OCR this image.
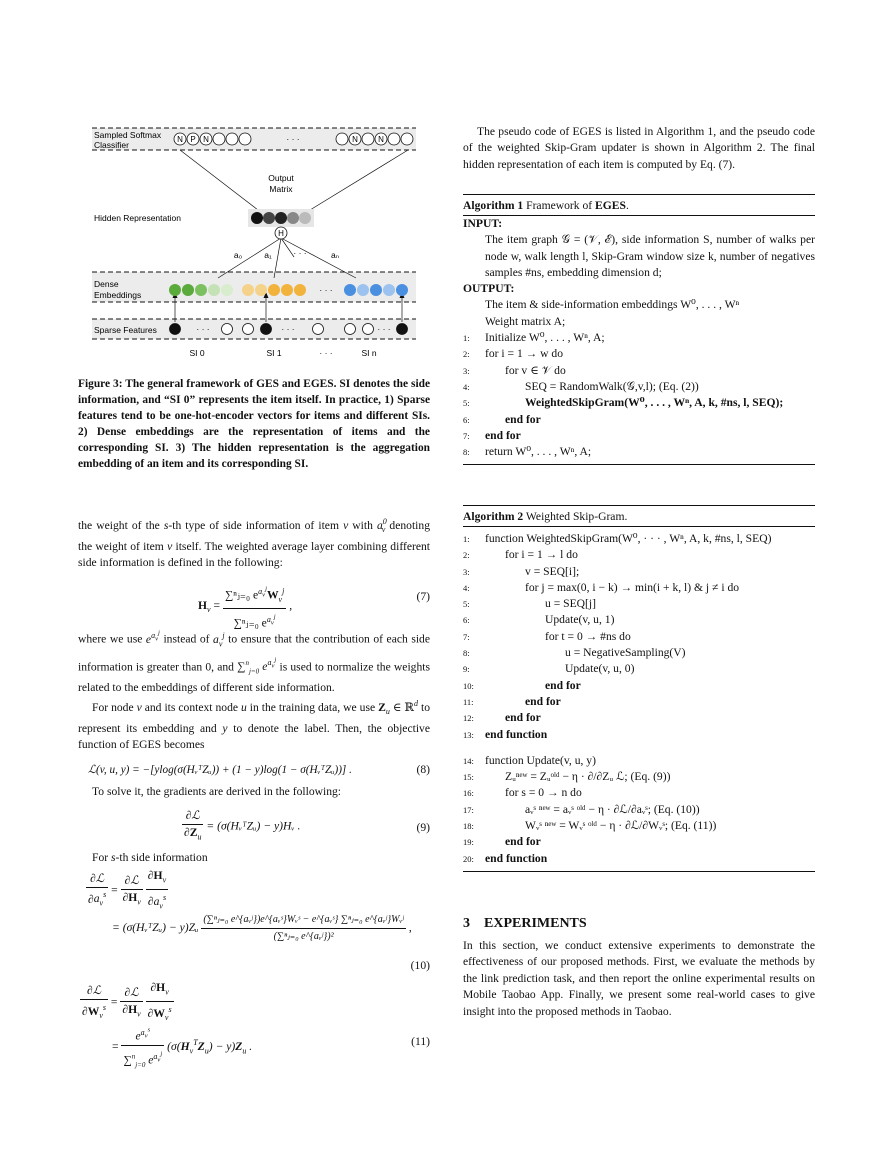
Sampled Softmax
Classifier
Output
Matrix
Hidden Representation
Dense
Embeddings
Sparse Features
SI 0	SI 1	SI n
· · ·
a₀	a₁	aₙ
· · ·
N P N	N	N
· · ·
H
· · ·
· · ·	· · ·	· · ·

Figure 3: The general framework of GES and EGES. SI denotes the side information, and “SI 0” represents the item itself. In practice, 1) Sparse features tend to be one-hot-encoder vectors for items and different SIs. 2) Dense embeddings are the representation of items and the corresponding SI. 3) The hidden representation is the aggregation embedding of an item and its corresponding SI.

the weight of the s-th type of side information of item v with $a^0_v$ denoting the weight of item v itself. The weighted average layer combining different side information is defined in the following:

$H_v = \frac{\sum^nⱼ_{=0} e^{a_v^j}W_v^j}{\sum^nⱼ_{=0} e^{a_v^j}}$ ,
(7)

where we use $e^{a_v^j}$ instead of $a_v^j$ to ensure that the contribution of each side information is greater than 0, and ∑$^n_{j=0}$ $e^{a_v^j}$ is used to normalize the weights related to the embeddings of different side information.

For node v and its context node u in the training data, we use $Z_u$ ∈ ℝ$^d$ to represent its embedding and y to denote the label. Then, the objective function of EGES becomes

ℒ(v, u, y) = −[ylog(σ(HᵥᵀZᵤ)) + (1 − y)log(1 − σ(HᵥᵀZᵤ))] .	(8)

To solve it, the gradients are derived in the following:

$\frac{\text{∂ℒ}}{\partial Z_u}$ = (σ(HᵥᵀZᵤ) − y)Hᵥ .	(9)

For s-th side information

$\frac{\text{∂ℒ}}{\partial a_v^s} = \frac{\text{∂ℒ}}{\partial H_v}$
$\frac{\partial H_v}{\partial a_v^s}$
= (σ(HᵥᵀZᵤ) − y)Zᵤ $\frac{\text{(∑ⁿⱼ₌₀ e\textasciicircum{}\{aᵥʲ\})e\textasciicircum{}\{aᵥˢ\}Wᵥˢ − e\textasciicircum{}\{aᵥˢ\} ∑ⁿⱼ₌₀ e\textasciicircum{}\{aᵥʲ\}Wᵥʲ}}{\text{(∑ⁿⱼ₌₀ e\textasciicircum{}\{aᵥʲ\})²}}$ ,
(10)
$\frac{\text{∂ℒ}}{\partial W_v^s} = \frac{\text{∂ℒ}}{\partial H_v}$
$\frac{\partial H_v}{\partial W_v^s}$
= $\frac{e^{a_v^s}}{\sum^n_{j=0} e^{a_v^j}} (\sigma(H_v^TZ_u) - y)Z_u$ .	(11)

The pseudo code of EGES is listed in Algorithm 1, and the pseudo code of the weighted Skip-Gram updater is shown in Algorithm 2. The final hidden representation of each item is computed by Eq. (7).

Algorithm 1 Framework of EGES.
INPUT:
The item graph 𝒢 = (𝒱, ℰ), side information S, number of walks per node w, walk length l, Skip-Gram window size k, number of negatives samples #ns, embedding dimension d;
OUTPUT:
The item & side-information embeddings W⁰, . . . , Wⁿ
Weight matrix A;
1:	Initialize W⁰, . . . , Wⁿ, A;
2:	for i = 1 → w do
3:	for v ∈ 𝒱 do
4:	SEQ = RandomWalk(𝒢,v,l); (Eq. (2))
5:	WeightedSkipGram(W⁰, . . . , Wⁿ, A, k, #ns, l, SEQ);
6:	end for
7:	end for
8:	return W⁰, . . . , Wⁿ, A;
Algorithm 2 Weighted Skip-Gram.
1:	function WeightedSkipGram(W⁰, · · · , Wⁿ, A, k, #ns, l, SEQ)
2:	for i = 1 → l do
3:	v = SEQ[i];
4:	for j = max(0, i − k) → min(i + k, l) & j ≠ i do
5:	u = SEQ[j]
6:	Update(v, u, 1)
7:	for t = 0 → #ns do
8:	u = NegativeSampling(V)
9:	Update(v, u, 0)
10:	end for
11:	end for
12:	end for
13: end function
14: function Update(v, u, y)
15:	Zᵤⁿᵉʷ = Zᵤᵒˡᵈ − η · ∂/∂Zᵤ ℒ; (Eq. (9))
16:	for s = 0 → n do
17:	aᵥˢ ⁿᵉʷ = aᵥˢ ᵒˡᵈ − η · ∂ℒ/∂aᵥˢ; (Eq. (10))
18:	Wᵥˢ ⁿᵉʷ = Wᵥˢ ᵒˡᵈ − η · ∂ℒ/∂Wᵥˢ; (Eq. (11))
19:	end for
20: end function
3 EXPERIMENTS

In this section, we conduct extensive experiments to demonstrate the effectiveness of our proposed methods. First, we evaluate the methods by the link prediction task, and then report the online experimental results on Mobile Taobao App. Finally, we present some real-world cases to give insight into the proposed methods in Taobao.
